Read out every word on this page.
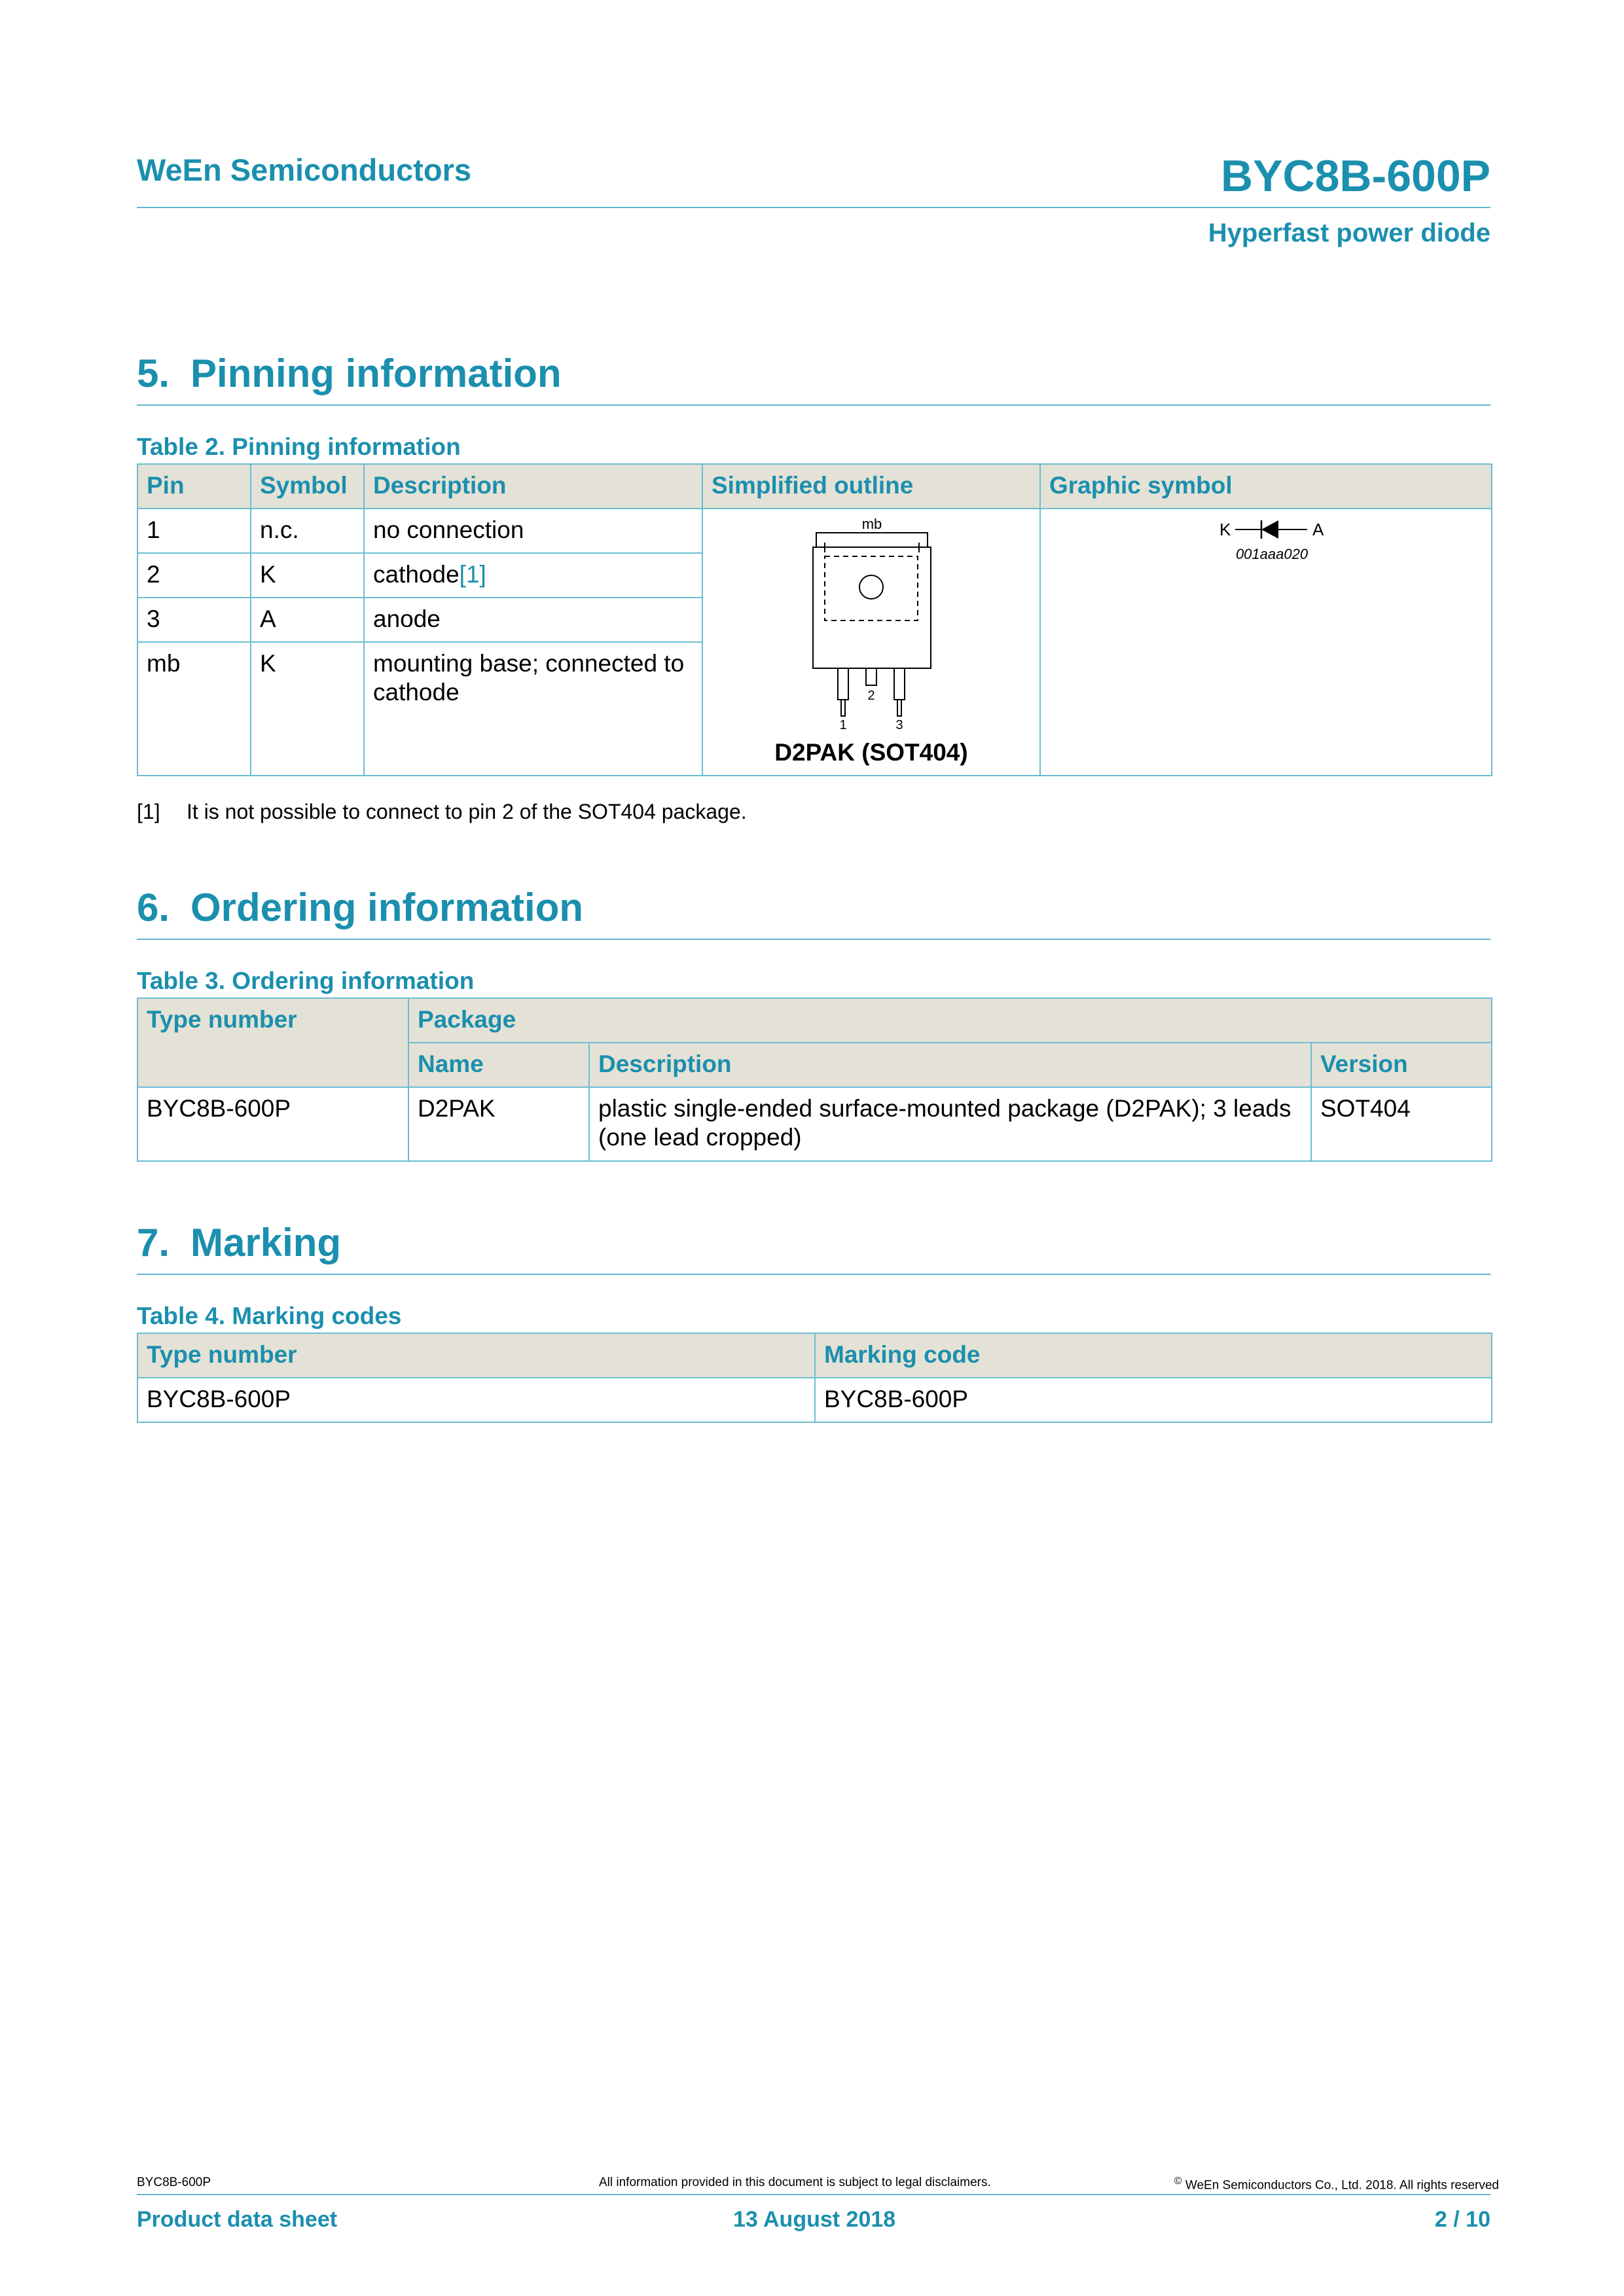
WeEn Semiconductors	BYC8B-600P
Hyperfast power diode
5. Pinning information
Table 2. Pinning information
Pin	Symbol	Description	Simplified outline	Graphic symbol
1	n.c.	no connection	mb
1
2
3
D2PAK (SOT404)	K A
001aaa020

2	K	cathode[1]		
3	A	anode		
mb	K	mounting base; connected to cathode		
[1] It is not possible to connect to pin 2 of the SOT404 package.
6. Ordering information
Table 3. Ordering information
Type number	Package		
	Name	Description	Version
BYC8B-600P	D2PAK	plastic single-ended surface-mounted package (D2PAK); 3 leads (one lead cropped)	SOT404
7. Marking
Table 4. Marking codes
Type number	Marking code
BYC8B-600P	BYC8B-600P
BYC8B-600P	All information provided in this document is subject to legal disclaimers.	© WeEn Semiconductors Co., Ltd. 2018. All rights reserved
Product data sheet	13 August 2018	2 / 10
